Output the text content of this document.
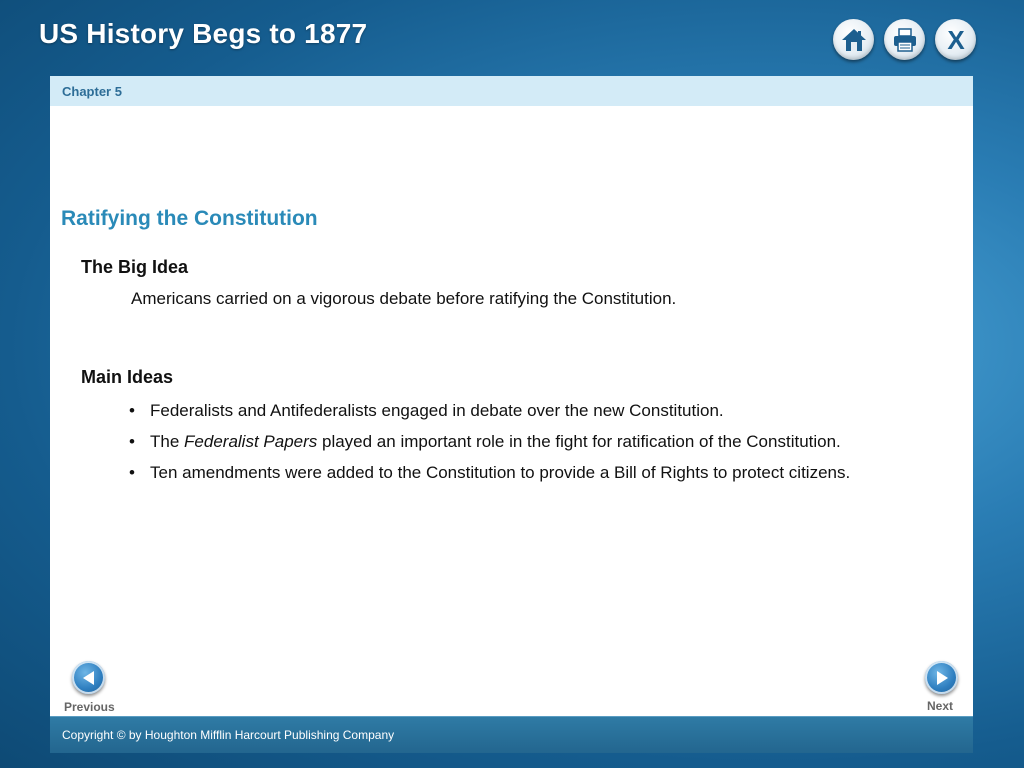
US History Begs to 1877	X
Chapter 5
Ratifying the Constitution
The Big Idea

Americans carried on a vigorous debate before ratifying the Constitution.

Main Ideas
• Federalists and Antifederalists engaged in debate over the new Constitution.
• The Federalist Papers played an important role in the fight for ratification of the Constitution.
• Ten amendments were added to the Constitution to provide a Bill of Rights to protect citizens.
Previous	Next
Copyright © by Houghton Mifflin Harcourt Publishing Company
